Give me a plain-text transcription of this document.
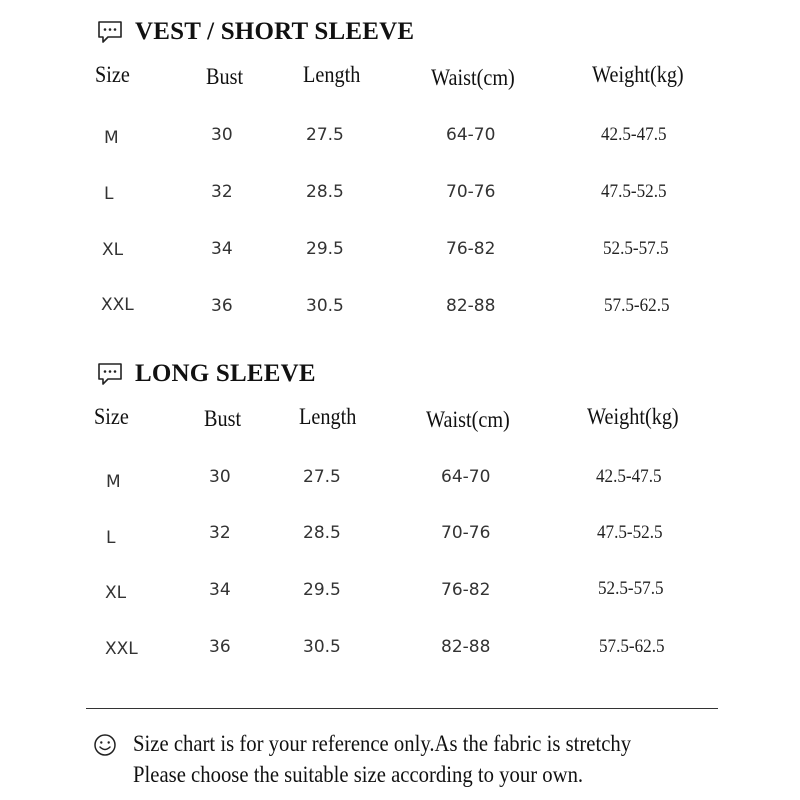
VEST / SHORT SLEEVE
Size	Bust	Length	Waist(cm)	Weight(kg)
M	30	27.5	64-70	42.5-47.5
L	32	28.5	70-76	47.5-52.5
XL	34	29.5	76-82	52.5-57.5
XXL	36	30.5	82-88	57.5-62.5
LONG SLEEVE
Size	Bust	Length	Waist(cm)	Weight(kg)
M	30	27.5	64-70	42.5-47.5
L	32	28.5	70-76	47.5-52.5
XL	34	29.5	76-82	52.5-57.5
XXL	36	30.5	82-88	57.5-62.5
Size chart is for your reference only.As the fabric is stretchy
Please choose the suitable size according to your own.
